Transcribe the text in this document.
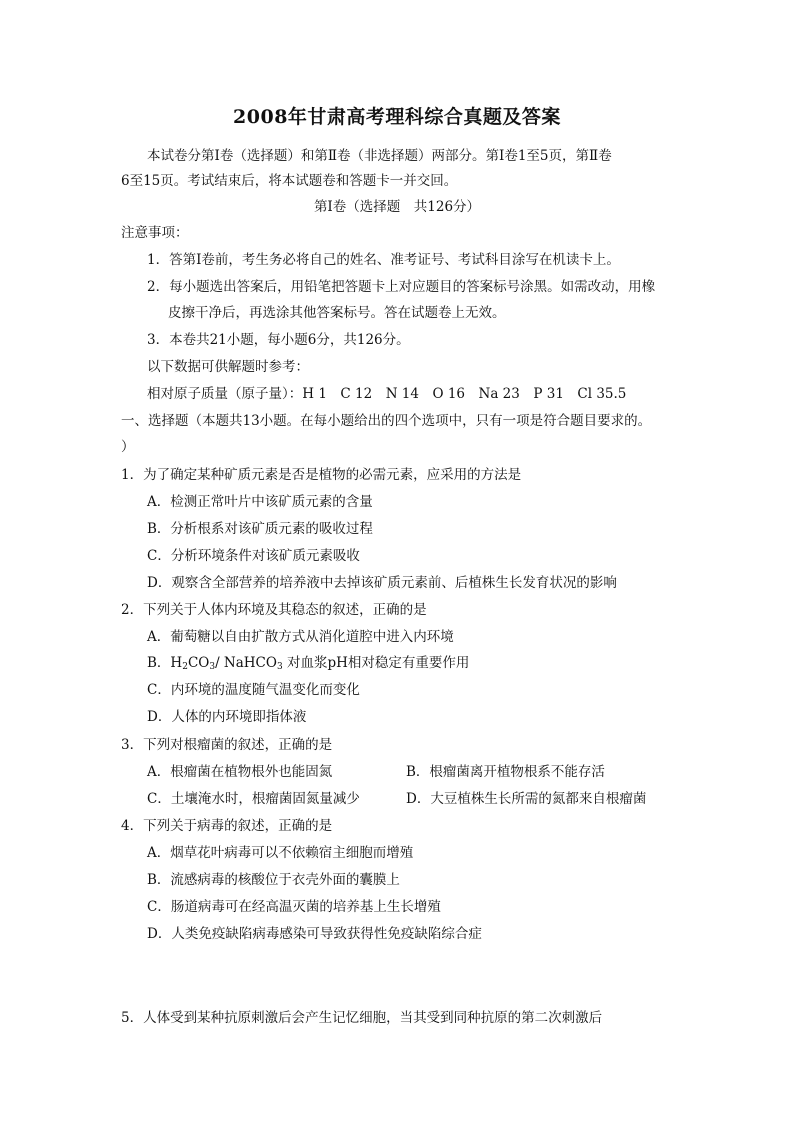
2008年甘肃高考理科综合真题及答案
本试卷分第Ⅰ卷（选择题）和第Ⅱ卷（非选择题）两部分。第Ⅰ卷1至5页，第Ⅱ卷
6至15页。考试结束后，将本试题卷和答题卡一并交回。
第Ⅰ卷（选择题　共126分）
注意事项：
1．答第Ⅰ卷前，考生务必将自己的姓名、准考证号、考试科目涂写在机读卡上。
2．每小题选出答案后，用铅笔把答题卡上对应题目的答案标号涂黑。如需改动，用橡
皮擦干净后，再选涂其他答案标号。答在试题卷上无效。
3．本卷共21小题，每小题6分，共126分。
以下数据可供解题时参考：
相对原子质量（原子量）：H 1　C 12　N 14　O 16　Na 23　P 31　Cl 35.5
一、选择题（本题共13小题。在每小题给出的四个选项中，只有一项是符合题目要求的。
）
1．为了确定某种矿质元素是否是植物的必需元素，应采用的方法是
A．检测正常叶片中该矿质元素的含量
B．分析根系对该矿质元素的吸收过程
C．分析环境条件对该矿质元素吸收
D．观察含全部营养的培养液中去掉该矿质元素前、后植株生长发育状况的影响
2．下列关于人体内环境及其稳态的叙述，正确的是
A．葡萄糖以自由扩散方式从消化道腔中进入内环境
B．$H_2CO_3/$ NaHCO$_3$ 对血浆pH相对稳定有重要作用
C．内环境的温度随气温变化而变化
D．人体的内环境即指体液
3．下列对根瘤菌的叙述，正确的是
A．根瘤菌在植物根外也能固氮	B．根瘤菌离开植物根系不能存活
C．土壤淹水时，根瘤菌固氮量减少	D．大豆植株生长所需的氮都来自根瘤菌
4．下列关于病毒的叙述，正确的是
A．烟草花叶病毒可以不依赖宿主细胞而增殖
B．流感病毒的核酸位于衣壳外面的囊膜上
C．肠道病毒可在经高温灭菌的培养基上生长增殖
D．人类免疫缺陷病毒感染可导致获得性免疫缺陷综合症
5．人体受到某种抗原刺激后会产生记忆细胞，当其受到同种抗原的第二次刺激后
